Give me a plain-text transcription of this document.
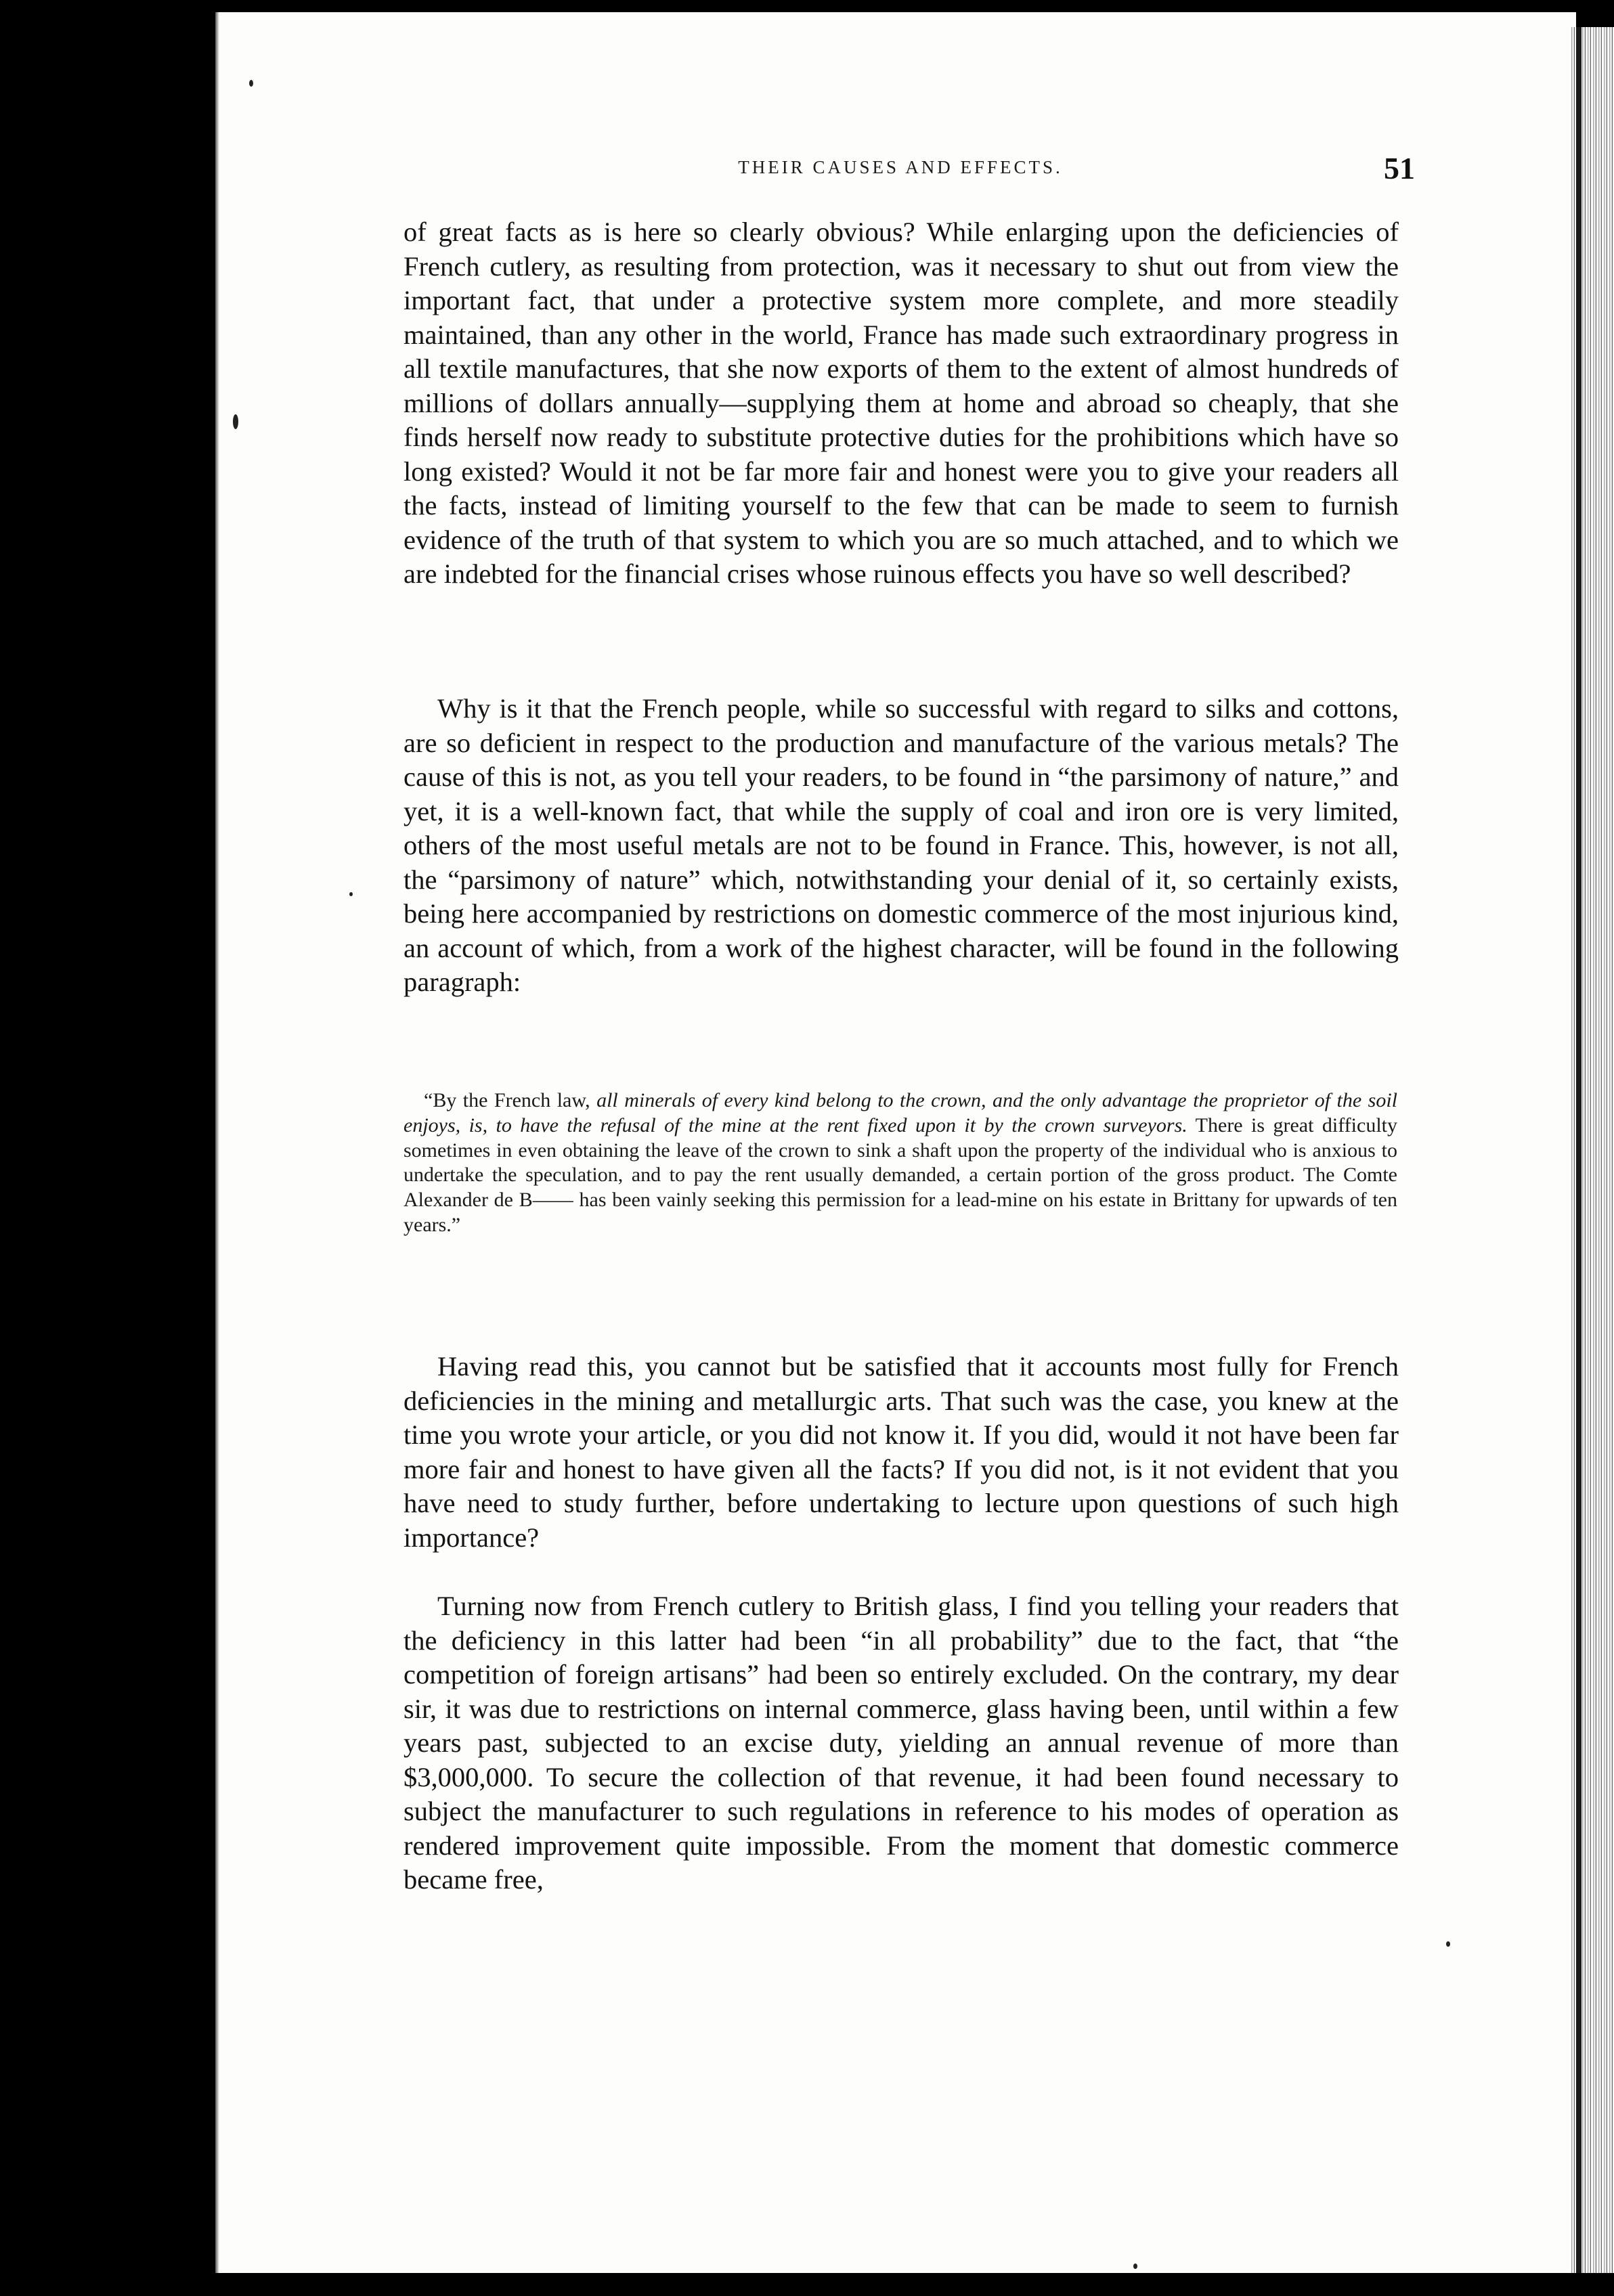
THEIR CAUSES AND EFFECTS.	51

of great facts as is here so clearly obvious? While enlarging upon the deficiencies of French cutlery, as resulting from protection, was it necessary to shut out from view the important fact, that under a protective system more complete, and more steadily maintained, than any other in the world, France has made such extraordinary progress in all textile manufactures, that she now exports of them to the extent of almost hundreds of millions of dollars annually—supplying them at home and abroad so cheaply, that she finds herself now ready to substitute protective duties for the prohibitions which have so long existed? Would it not be far more fair and honest were you to give your readers all the facts, instead of limiting yourself to the few that can be made to seem to furnish evidence of the truth of that system to which you are so much attached, and to which we are indebted for the financial crises whose ruinous effects you have so well described?

Why is it that the French people, while so successful with regard to silks and cottons, are so deficient in respect to the production and manufacture of the various metals? The cause of this is not, as you tell your readers, to be found in “the parsimony of nature,” and yet, it is a well-known fact, that while the supply of coal and iron ore is very limited, others of the most useful metals are not to be found in France. This, however, is not all, the “parsimony of nature” which, notwithstanding your denial of it, so certainly exists, being here accompanied by restrictions on domestic commerce of the most injurious kind, an account of which, from a work of the highest character, will be found in the following paragraph:

“By the French law, all minerals of every kind belong to the crown, and the only advantage the proprietor of the soil enjoys, is, to have the refusal of the mine at the rent fixed upon it by the crown surveyors. There is great difficulty sometimes in even obtaining the leave of the crown to sink a shaft upon the property of the individual who is anxious to undertake the speculation, and to pay the rent usually demanded, a certain portion of the gross product. The Comte Alexander de B—— has been vainly seeking this permission for a lead-mine on his estate in Brittany for upwards of ten years.”

Having read this, you cannot but be satisfied that it accounts most fully for French deficiencies in the mining and metallurgic arts. That such was the case, you knew at the time you wrote your article, or you did not know it. If you did, would it not have been far more fair and honest to have given all the facts? If you did not, is it not evident that you have need to study further, before undertaking to lecture upon questions of such high importance?

Turning now from French cutlery to British glass, I find you telling your readers that the deficiency in this latter had been “in all probability” due to the fact, that “the competition of foreign artisans” had been so entirely excluded. On the contrary, my dear sir, it was due to restrictions on internal commerce, glass having been, until within a few years past, subjected to an excise duty, yielding an annual revenue of more than $3,000,000. To secure the collection of that revenue, it had been found necessary to subject the manufacturer to such regulations in reference to his modes of operation as rendered improvement quite impossible. From the moment that domestic commerce became free,
